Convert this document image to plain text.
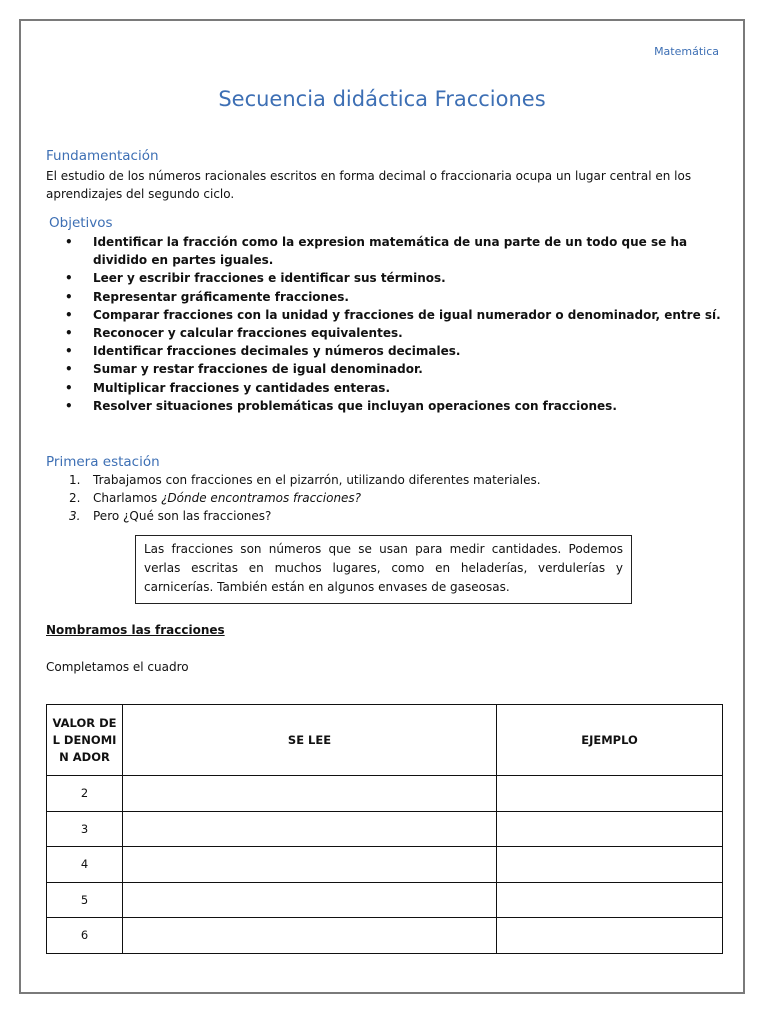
Matemática
Secuencia didáctica Fracciones
Fundamentación
El estudio de los números racionales escritos en forma decimal o fraccionaria ocupa un lugar central en los aprendizajes del segundo ciclo.
Objetivos
• Identificar la fracción como la expresion matemática de una parte de un todo que se ha dividido en partes iguales.
• Leer y escribir fracciones e identificar sus términos.
• Representar gráficamente fracciones.
• Comparar fracciones con la unidad y fracciones de igual numerador o denominador, entre sí.
• Reconocer y calcular fracciones equivalentes.
• Identificar fracciones decimales y números decimales.
• Sumar y restar fracciones de igual denominador.
• Multiplicar fracciones y cantidades enteras.
• Resolver situaciones problemáticas que incluyan operaciones con fracciones.
Primera estación
1. Trabajamos con fracciones en el pizarrón, utilizando diferentes materiales.
2. Charlamos ¿Dónde encontramos fracciones?
3. Pero ¿Qué son las fracciones?
Las fracciones son números que se usan para medir cantidades. Podemos verlas escritas en muchos lugares, como en heladerías, verdulerías y carnicerías. También están en algunos envases de gaseosas.
Nombramos las fracciones
Completamos el cuadro
VALOR DEL DENOMIN ADOR	SE LEE	EJEMPLO
2		
3		
4		
5		
6		
